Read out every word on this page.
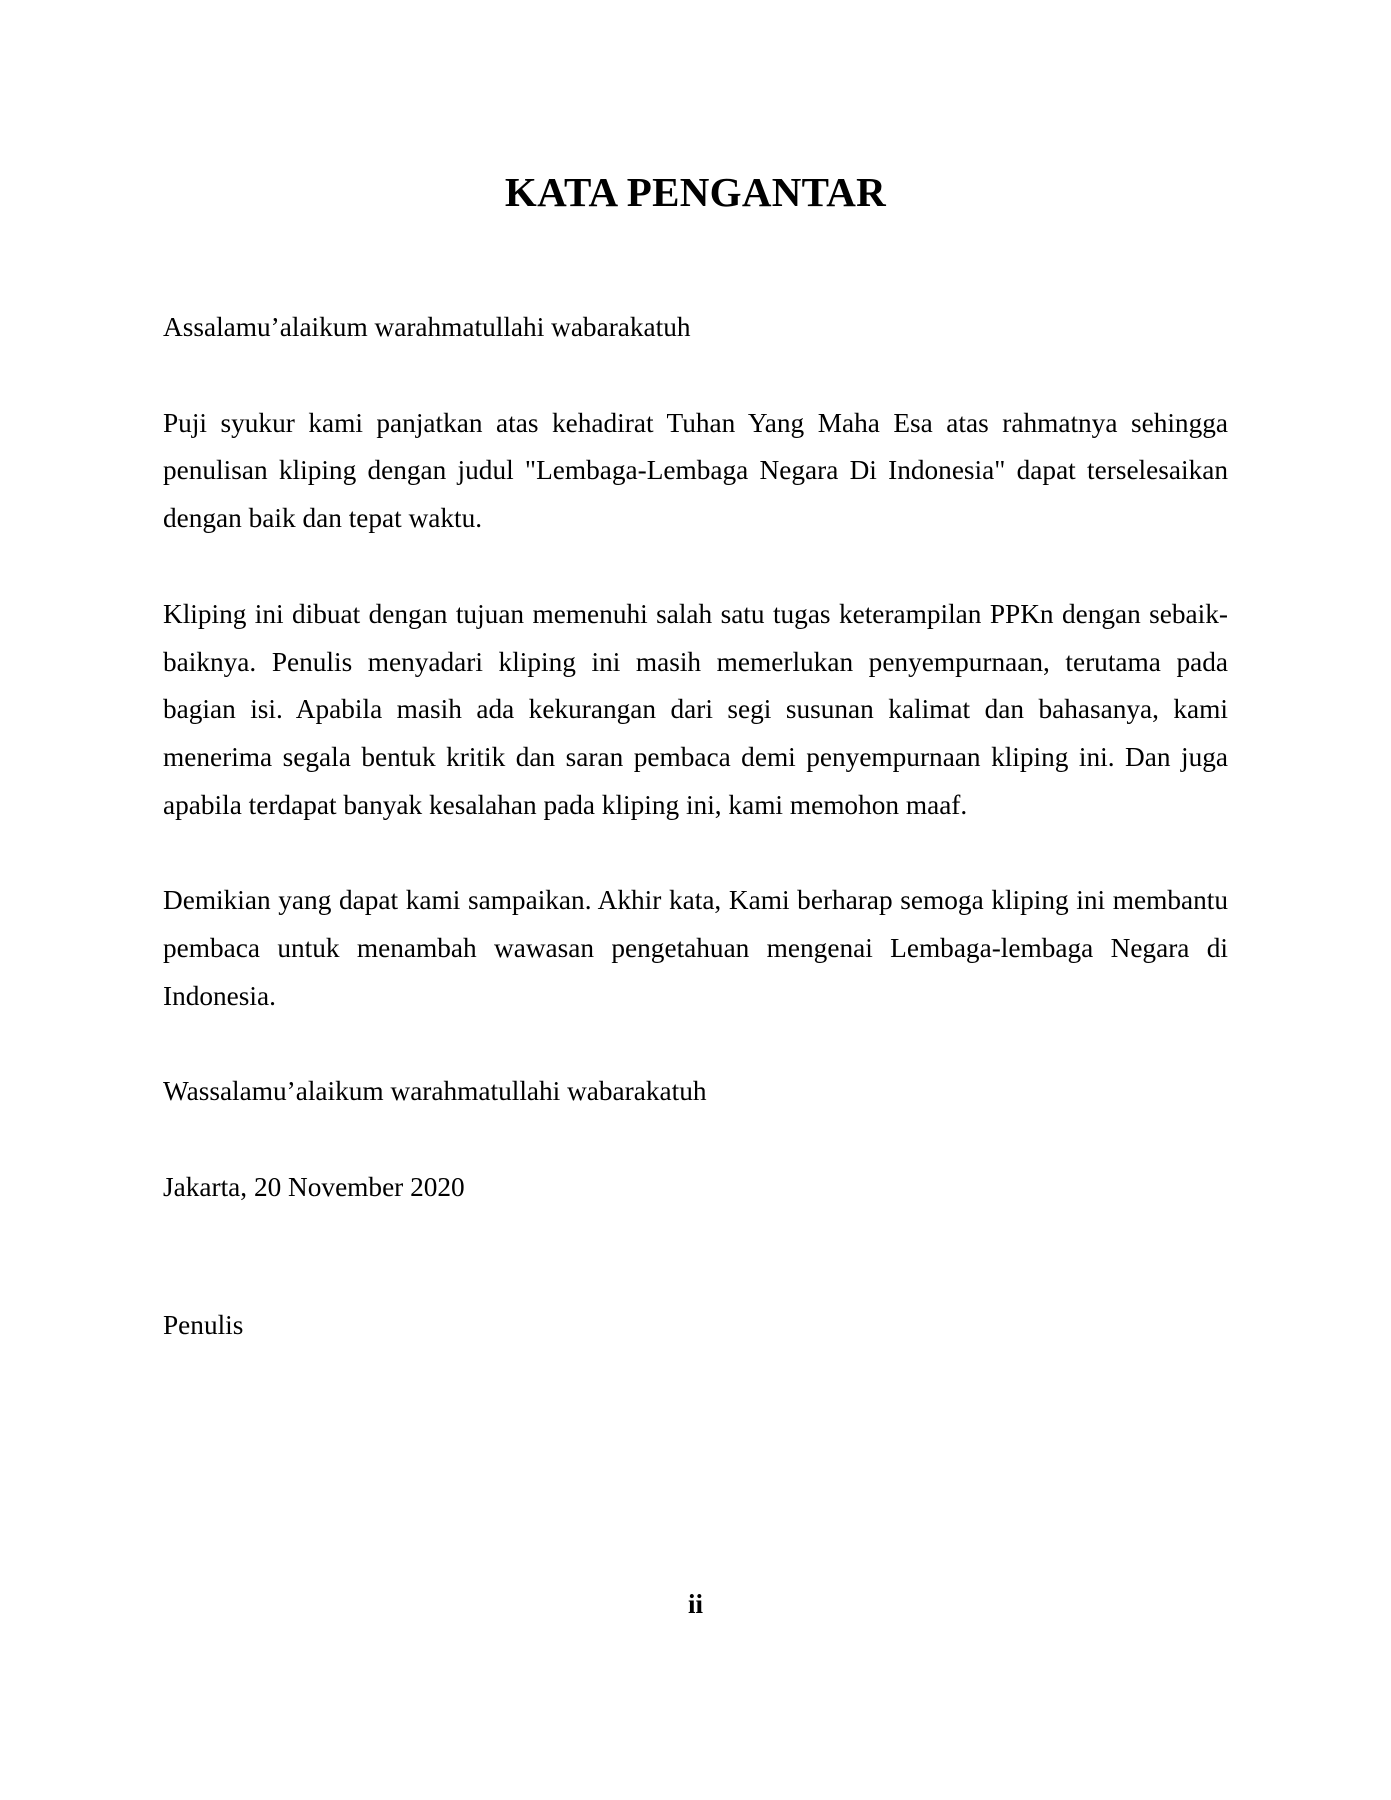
KATA PENGANTAR

Assalamu’alaikum warahmatullahi wabarakatuh

Puji syukur kami panjatkan atas kehadirat Tuhan Yang Maha Esa atas rahmatnya sehingga penulisan kliping dengan judul "Lembaga-Lembaga Negara Di Indonesia" dapat terselesaikan dengan baik dan tepat waktu.

Kliping ini dibuat dengan tujuan memenuhi salah satu tugas keterampilan PPKn dengan sebaik-baiknya. Penulis menyadari kliping ini masih memerlukan penyempurnaan, terutama pada bagian isi. Apabila masih ada kekurangan dari segi susunan kalimat dan bahasanya, kami menerima segala bentuk kritik dan saran pembaca demi penyempurnaan kliping ini. Dan juga apabila terdapat banyak kesalahan pada kliping ini, kami memohon maaf.

Demikian yang dapat kami sampaikan. Akhir kata, Kami berharap semoga kliping ini membantu pembaca untuk menambah wawasan pengetahuan mengenai Lembaga-lembaga Negara di Indonesia.

Wassalamu’alaikum warahmatullahi wabarakatuh

Jakarta, 20 November 2020

Penulis

ii
